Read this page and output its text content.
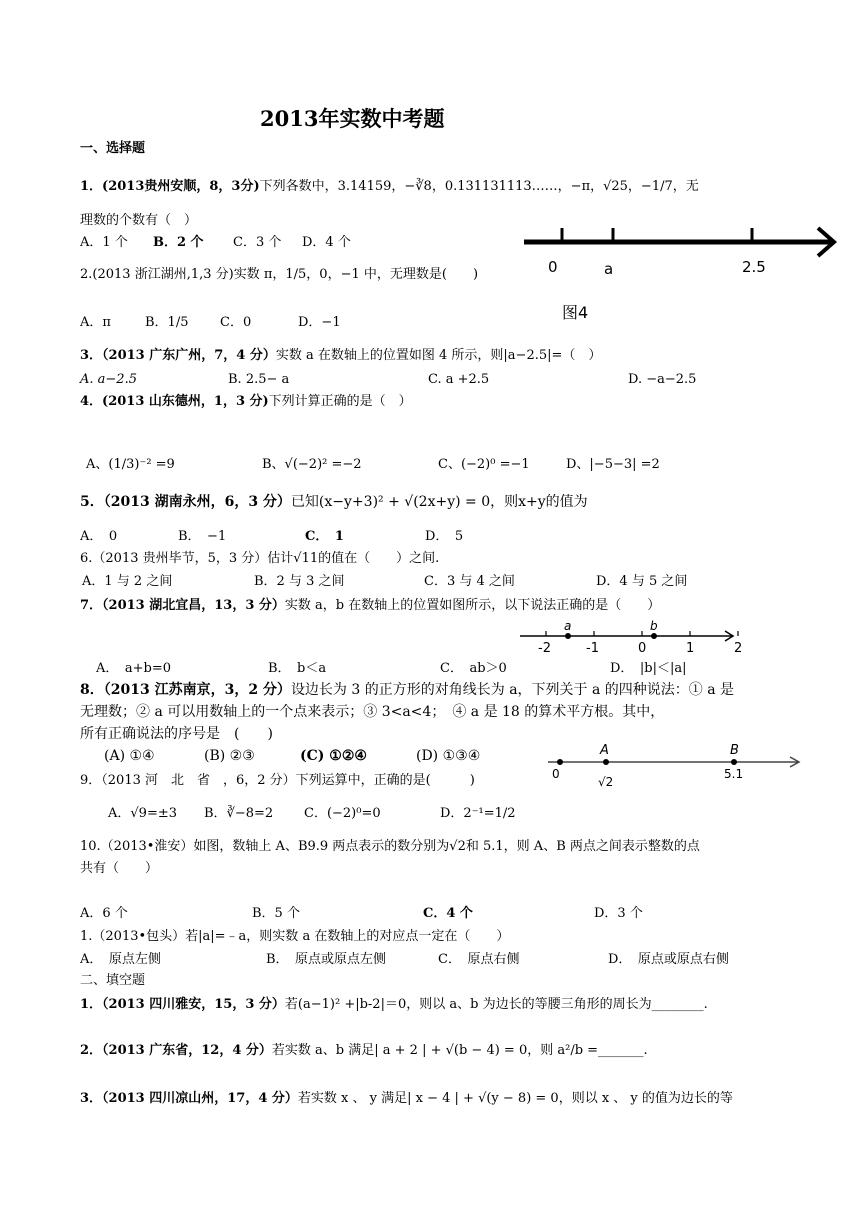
2013年实数中考题
一、选择题
1．(2013贵州安顺，8，3分)下列各数中，3.14159，−∛8，0.131131113……，−π，√25，−1/7，无
理数的个数有（　）
A．1 个 B．2 个 C．3 个 D．4 个
0	a	2.5
图4
2.(2013 浙江湖州,1,3 分)实数 π，1/5，0，−1 中，无理数是(　　)
A．π	B．1/5 C．0	D．−1
3．（2013 广东广州，7，4 分）实数 a 在数轴上的位置如图 4 所示，则|a−2.5|=（　）
A. a−2.5	B. 2.5− a	C. a +2.5	D. −a−2.5
4．(2013 山东德州，1，3 分)下列计算正确的是（　）
A、(1/3)⁻² =9	B、√(−2)² =−2	C、(−2)⁰ =−1	D、|−5−3| =2
5．（2013 湖南永州，6，3 分）已知(x−y+3)² + √(2x+y) = 0，则x+y的值为
A．　0	B．　−1	C．　1	D．　5
6.（2013 贵州毕节，5，3 分）估计√11的值在（　　）之间.
A．1 与 2 之间	B．2 与 3 之间	C．3 与 4 之间	D．4 与 5 之间
7．（2013 湖北宜昌，13，3 分）实数 a，b 在数轴上的位置如图所示，以下说法正确的是（　　）
-2	-1	0	1	2
a	b
A．　a+b=0	B．　b＜a	C．　ab＞0	D．　|b|＜|a|
8．（2013 江苏南京，3，2 分）设边长为 3 的正方形的对角线长为 a，下列关于 a 的四种说法：① a 是
无理数；② a 可以用数轴上的一个点来表示；③ 3<a<4；　④ a 是 18 的算术平方根。其中，
所有正确说法的序号是　(　　)
(A) ①④	(B) ②③	(C) ①②④	(D) ①③④	A	B
0
√2
5.1
9．（2013 河　北　省　，6，2 分）下列运算中，正确的是(　　　)
A．√9=±3 B．∛−8=2 C．(−2)⁰=0	D．2⁻¹=1/2
10.（2013•淮安）如图，数轴上 A、B9.9 两点表示的数分别为√2和 5.1，则 A、B 两点之间表示整数的点
共有（　　）
A．6 个	B．5 个	C．4 个	D．3 个
1.（2013•包头）若|a|=﹣a，则实数 a 在数轴上的对应点一定在（　　）
A．　原点左侧	B．　原点或原点左侧	C．　原点右侧	D．　原点或原点右侧
二、填空题
1．（2013 四川雅安，15，3 分）若(a−1)² +|b-2|＝0，则以 a、b 为边长的等腰三角形的周长为________.
2．（2013 广东省，12，4 分）若实数 a、b 满足| a + 2 | + √(b − 4) = 0，则 a²/b =_______.
3．（2013 四川凉山州，17，4 分）若实数 x 、 y 满足| x − 4 | + √(y − 8) = 0，则以 x 、 y 的值为边长的等
